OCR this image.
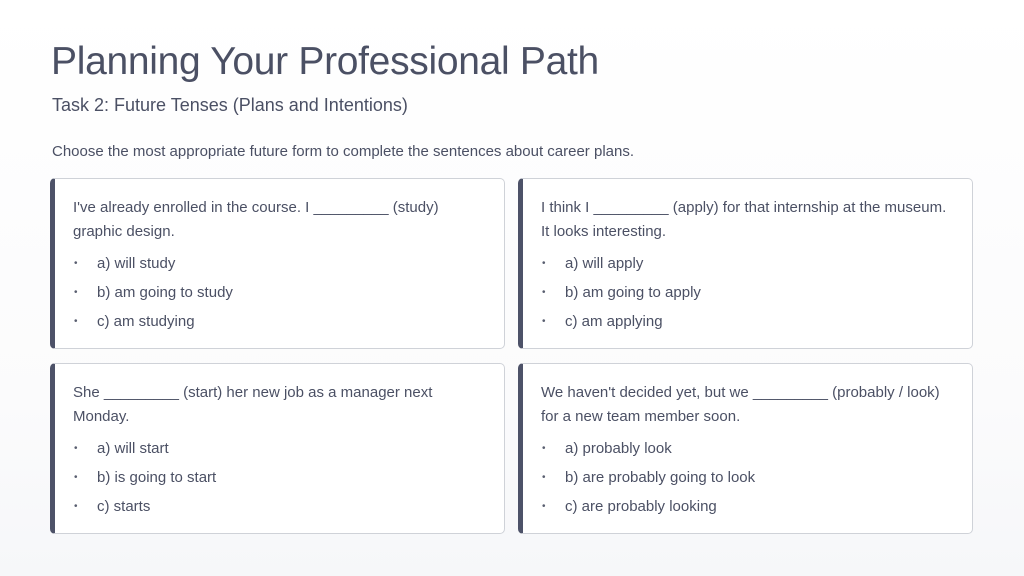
Planning Your Professional Path
Task 2: Future Tenses (Plans and Intentions)
Choose the most appropriate future form to complete the sentences about career plans.

I've already enrolled in the course. I _________ (study) graphic design.

• a) will study
• b) am going to study
• c) am studying

I think I _________ (apply) for that internship at the museum. It looks interesting.

• a) will apply
• b) am going to apply
• c) am applying

She _________ (start) her new job as a manager next Monday.

• a) will start
• b) is going to start
• c) starts

We haven't decided yet, but we _________ (probably / look) for a new team member soon.

• a) probably look
• b) are probably going to look
• c) are probably looking
